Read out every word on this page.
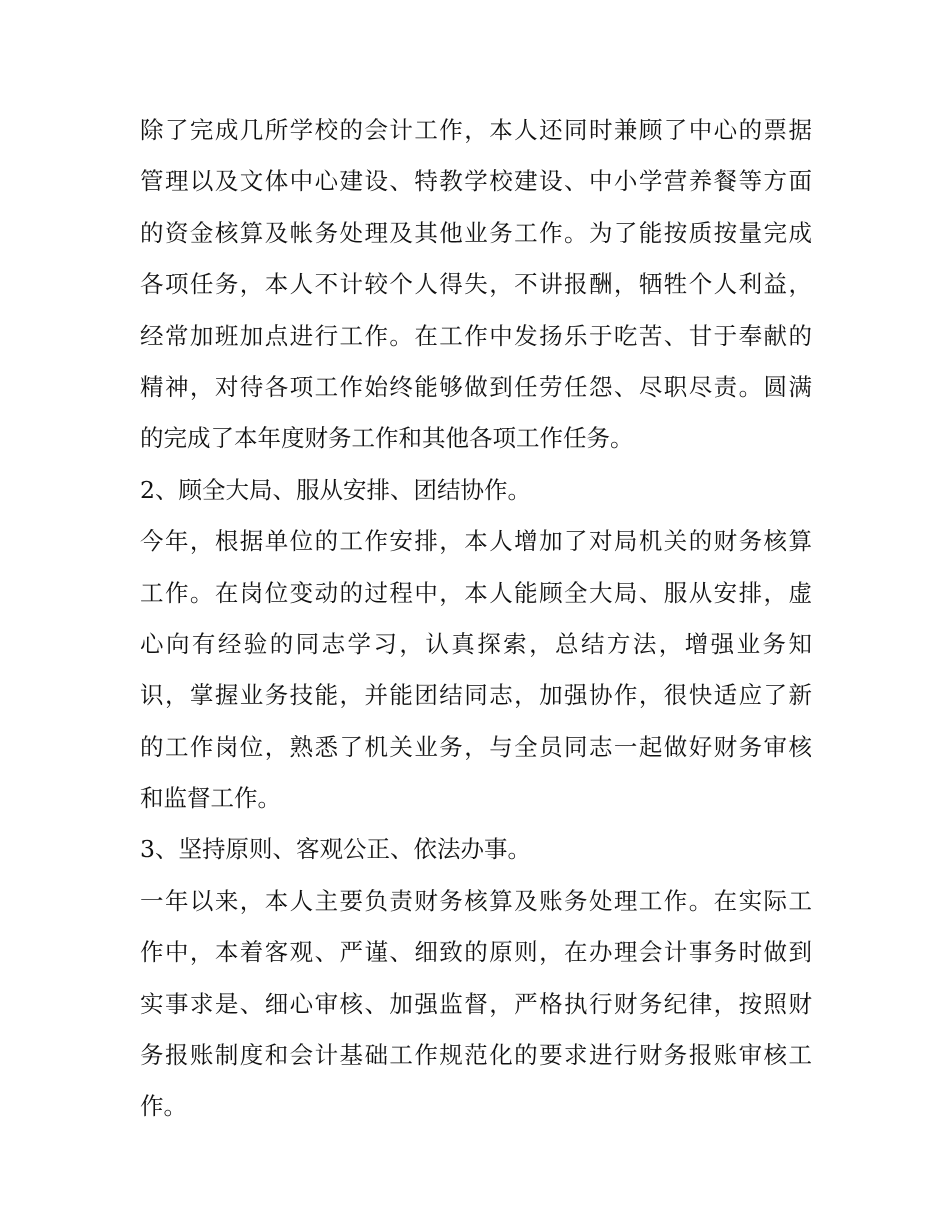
除了完成几所学校的会计工作，本人还同时兼顾了中心的票据
管理以及文体中心建设、特教学校建设、中小学营养餐等方面
的资金核算及帐务处理及其他业务工作。为了能按质按量完成
各项任务，本人不计较个人得失，不讲报酬，牺牲个人利益，
经常加班加点进行工作。在工作中发扬乐于吃苦、甘于奉献的
精神，对待各项工作始终能够做到任劳任怨、尽职尽责。圆满
的完成了本年度财务工作和其他各项工作任务。
2、顾全大局、服从安排、团结协作。
今年，根据单位的工作安排，本人增加了对局机关的财务核算
工作。在岗位变动的过程中，本人能顾全大局、服从安排，虚
心向有经验的同志学习，认真探索，总结方法，增强业务知
识，掌握业务技能，并能团结同志，加强协作，很快适应了新
的工作岗位，熟悉了机关业务，与全员同志一起做好财务审核
和监督工作。
3、坚持原则、客观公正、依法办事。
一年以来，本人主要负责财务核算及账务处理工作。在实际工
作中，本着客观、严谨、细致的原则，在办理会计事务时做到
实事求是、细心审核、加强监督，严格执行财务纪律，按照财
务报账制度和会计基础工作规范化的要求进行财务报账审核工
作。
